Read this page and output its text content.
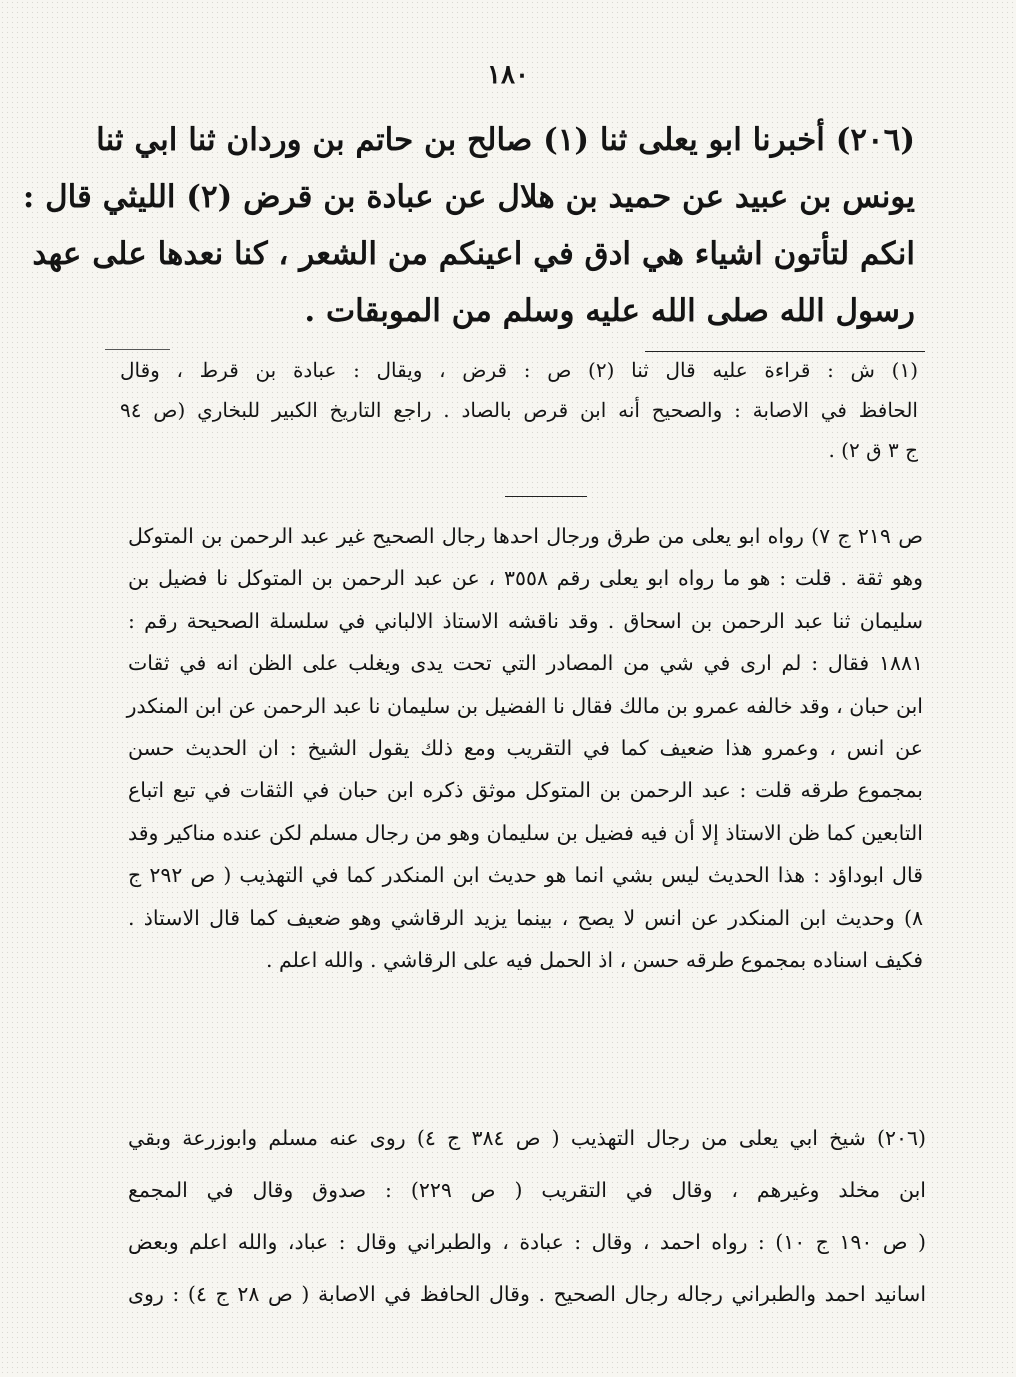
١٨٠
(٢٠٦) أخبرنا ابو يعلى ثنا (١) صالح بن حاتم بن وردان ثنا ابي ثنا
يونس بن عبيد عن حميد بن هلال عن عبادة بن قرض (٢) الليثي قال :
انكم لتأتون اشياء هي ادق في اعينكم من الشعر ، كنا نعدها على عهد
رسول الله صلى الله عليه وسلم من الموبقات .
(١) ش : قراءة عليه قال ثنا (٢) ص : قرض ، ويقال : عبادة بن قرط ، وقال
الحافظ في الاصابة : والصحيح أنه ابن قرص بالصاد . راجع التاريخ الكبير للبخاري (ص ٩٤
ج ٣ ق ٢) .
ص ٢١٩ ج ٧) رواه ابو يعلى من طرق ورجال احدها رجال الصحيح غير عبد الرحمن بن المتوكل
وهو ثقة . قلت : هو ما رواه ابو يعلى رقم ٣٥٥٨ ، عن عبد الرحمن بن المتوكل نا فضيل بن
سليمان ثنا عبد الرحمن بن اسحاق . وقد ناقشه الاستاذ الالباني في سلسلة الصحيحة رقم :
١٨٨١ فقال : لم ارى في شي من المصادر التي تحت يدى ويغلب على الظن انه في ثقات
ابن حبان ، وقد خالفه عمرو بن مالك فقال نا الفضيل بن سليمان نا عبد الرحمن عن ابن المنكدر
عن انس ، وعمرو هذا ضعيف كما في التقريب ومع ذلك يقول الشيخ : ان الحديث حسن
بمجموع طرقه قلت : عبد الرحمن بن المتوكل موثق ذكره ابن حبان في الثقات في تبع اتباع
التابعين كما ظن الاستاذ إلا أن فيه فضيل بن سليمان وهو من رجال مسلم لكن عنده مناكير وقد
قال ابوداؤد : هذا الحديث ليس بشي انما هو حديث ابن المنكدر كما في التهذيب ( ص ٢٩٢ ج
٨) وحديث ابن المنكدر عن انس لا يصح ، بينما يزيد الرقاشي وهو ضعيف كما قال الاستاذ .
فكيف اسناده بمجموع طرقه حسن ، اذ الحمل فيه على الرقاشي . والله اعلم .
(٢٠٦) شيخ ابي يعلى من رجال التهذيب ( ص ٣٨٤ ج ٤) روى عنه مسلم وابوزرعة وبقي
ابن مخلد وغيرهم ، وقال في التقريب ( ص ٢٢٩) : صدوق وقال في المجمع
( ص ١٩٠ ج ١٠) : رواه احمد ، وقال : عبادة ، والطبراني وقال : عباد، والله اعلم وبعض
اسانيد احمد والطبراني رجاله رجال الصحيح . وقال الحافظ في الاصابة ( ص ٢٨ ج ٤) : روى
